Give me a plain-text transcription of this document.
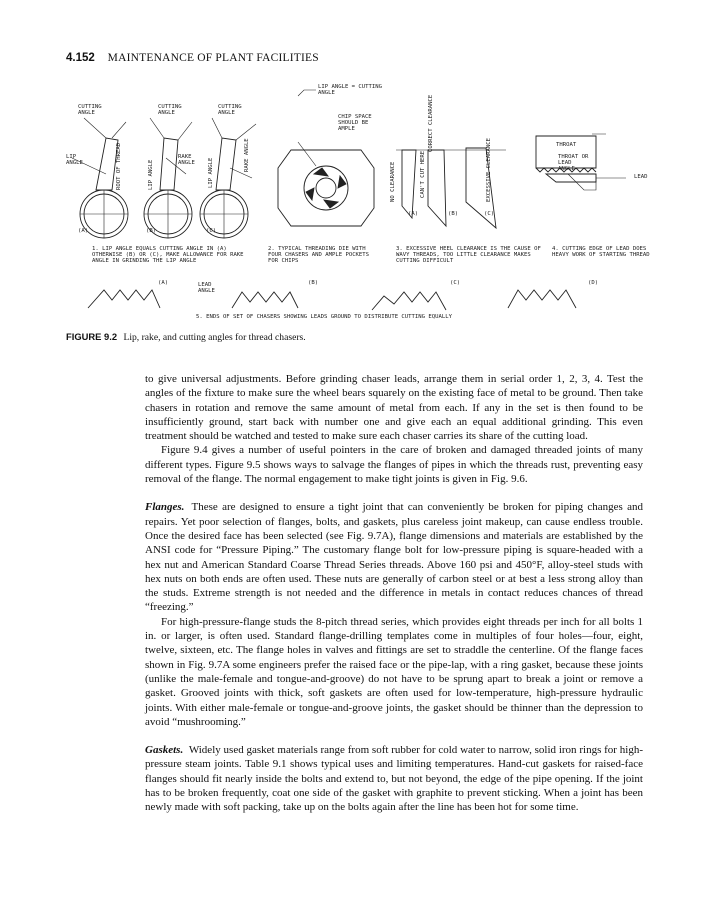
4.152 MAINTENANCE OF PLANT FACILITIES
CUTTING ANGLE
CUTTING ANGLE
CUTTING ANGLE
LIP ANGLE	ROOT OF THREAD	LIP ANGLE
RAKE ANGLE	LIP ANGLE
RAKE ANGLE
(A)	(B)	(C)
LIP ANGLE = CUTTING ANGLE
CHIP SPACE SHOULD BE AMPLE
NO CLEARANCE	CAN'T CUT HERE
CORRECT CLEARANCE
EXCESSIVE CLEARANCE
(A)	(B)	(C)
THROAT
THROAT OR LEAD ANGLE
LEAD
1. LIP ANGLE EQUALS CUTTING ANGLE IN (A) OTHERWISE (B) OR (C), MAKE ALLOWANCE FOR RAKE ANGLE IN GRINDING THE LIP ANGLE
2. TYPICAL THREADING DIE WITH FOUR CHASERS AND AMPLE POCKETS FOR CHIPS
3. EXCESSIVE HEEL CLEARANCE IS THE CAUSE OF WAVY THREADS, TOO LITTLE CLEARANCE MAKES CUTTING DIFFICULT
4. CUTTING EDGE OF LEAD DOES HEAVY WORK OF STARTING THREAD
(A)	LEAD ANGLE
(B)	(C)	(D)
5. ENDS OF SET OF CHASERS SHOWING LEADS GROUND TO DISTRIBUTE CUTTING EQUALLY
FIGURE 9.2 Lip, rake, and cutting angles for thread chasers.

to give universal adjustments. Before grinding chaser leads, arrange them in serial order 1, 2, 3, 4. Test the angles of the fixture to make sure the wheel bears squarely on the existing face of metal to be ground. Then take chasers in rotation and remove the same amount of metal from each. If any in the set is then found to be insufficiently ground, start back with number one and give each an equal additional grinding. This even treatment should be watched and tested to make sure each chaser carries its share of the cutting load.

Figure 9.4 gives a number of useful pointers in the care of broken and damaged threaded joints of many different types. Figure 9.5 shows ways to salvage the flanges of pipes in which the threads rust, preventing easy removal of the flange. The normal engagement to make tight joints is given in Fig. 9.6.

Flanges. These are designed to ensure a tight joint that can conveniently be broken for piping changes and repairs. Yet poor selection of flanges, bolts, and gaskets, plus careless joint makeup, can cause endless trouble. Once the desired face has been selected (see Fig. 9.7A), flange dimensions and materials are established by the ANSI code for “Pressure Piping.” The customary flange bolt for low-pressure piping is square-headed with a hex nut and American Standard Coarse Thread Series threads. Above 160 psi and 450°F, alloy-steel studs with hex nuts on both ends are often used. These nuts are generally of carbon steel or at best a less strong alloy than the studs. Extreme strength is not needed and the difference in metals in contact reduces chances of thread “freezing.”

For high-pressure-flange studs the 8-pitch thread series, which provides eight threads per inch for all bolts 1 in. or larger, is often used. Standard flange-drilling templates come in multiples of four holes—four, eight, twelve, sixteen, etc. The flange holes in valves and fittings are set to straddle the centerline. Of the flange faces shown in Fig. 9.7A some engineers prefer the raised face or the pipe-lap, with a ring gasket, because these joints (unlike the male-female and tongue-and-groove) do not have to be sprung apart to break a joint or remove a gasket. Grooved joints with thick, soft gaskets are often used for low-temperature, high-pressure hydraulic joints. With either male-female or tongue-and-groove joints, the gasket should be thinner than the depression to avoid “mushrooming.”

Gaskets. Widely used gasket materials range from soft rubber for cold water to narrow, solid iron rings for high-pressure steam joints. Table 9.1 shows typical uses and limiting temperatures. Hand-cut gaskets for raised-face flanges should fit nearly inside the bolts and extend to, but not beyond, the edge of the pipe opening. If the joint has to be broken frequently, coat one side of the gasket with graphite to prevent sticking. When a joint has been newly made with soft packing, take up on the bolts again after the line has been hot for some time.
